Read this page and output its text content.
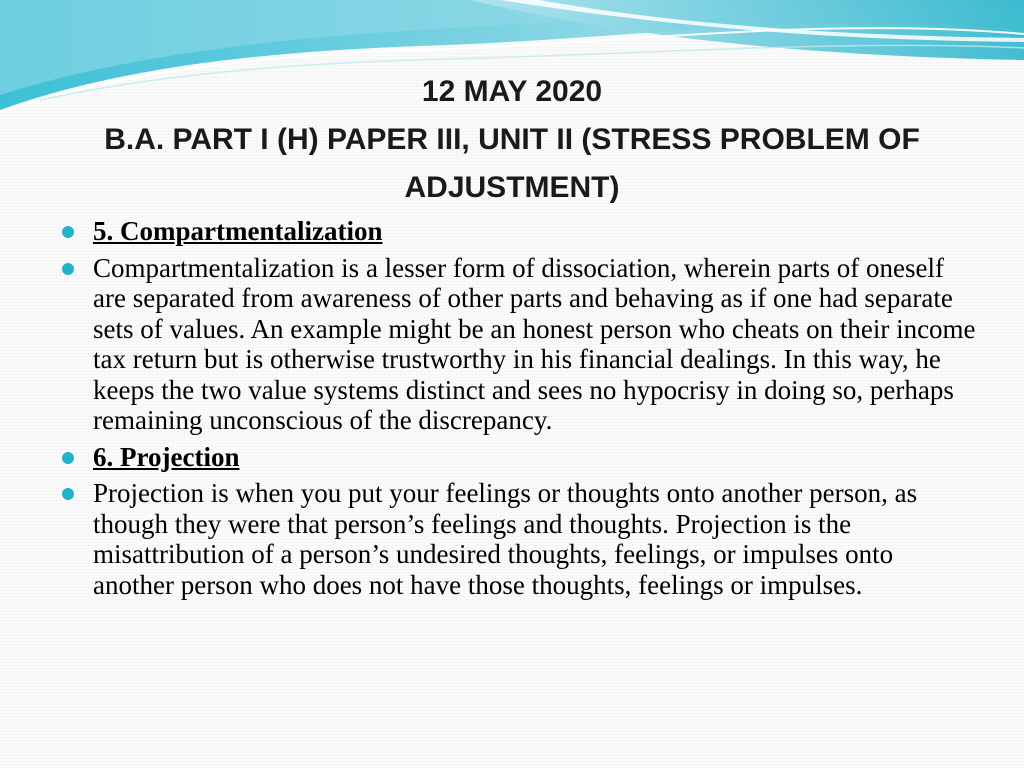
12 MAY 2020
B.A. PART I (H) PAPER III, UNIT II (STRESS PROBLEM OF
ADJUSTMENT)
5. Compartmentalization
Compartmentalization is a lesser form of dissociation, wherein parts of oneself are separated from awareness of other parts and behaving as if one had separate sets of values. An example might be an honest person who cheats on their income tax return but is otherwise trustworthy in his financial dealings. In this way, he keeps the two value systems distinct and sees no hypocrisy in doing so, perhaps remaining unconscious of the discrepancy.
6. Projection
Projection is when you put your feelings or thoughts onto another person, as though they were that person’s feelings and thoughts. Projection is the misattribution of a person’s undesired thoughts, feelings, or impulses onto another person who does not have those thoughts, feelings or impulses.
